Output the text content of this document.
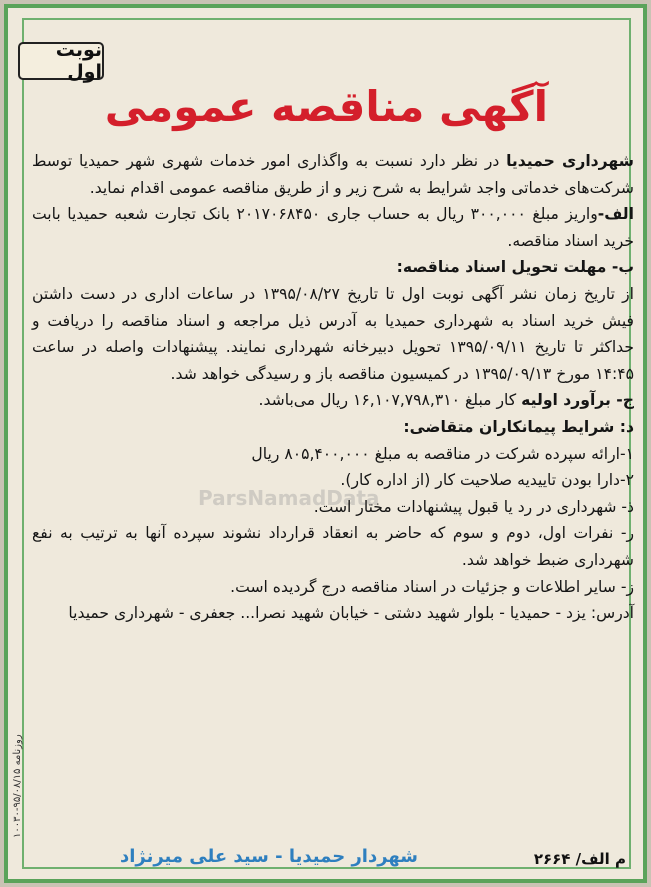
نوبت اول
آگهی مناقصه عمومی
ParsNamadData

شهرداری حمیدیا در نظر دارد نسبت به واگذاری امور خدمات شهری شهر حمیدیا توسط شرکت‌های خدماتی واجد شرایط به شرح زیر و از طریق مناقصه عمومی اقدام نماید.

الف-واریز مبلغ ۳۰۰,۰۰۰ ریال به حساب جاری ۲۰۱۷۰۶۸۴۵۰ بانک تجارت شعبه حمیدیا بابت خرید اسناد مناقصه.

ب- مهلت تحویل اسناد مناقصه:

از تاریخ زمان نشر آگهی نوبت اول تا تاریخ ۱۳۹۵/۰۸/۲۷ در ساعات اداری در دست داشتن فیش خرید اسناد به شهرداری حمیدیا به آدرس ذیل مراجعه و اسناد مناقصه را دریافت و حداکثر تا تاریخ ۱۳۹۵/۰۹/۱۱ تحویل دبیرخانه شهرداری نمایند. پیشنهادات واصله در ساعت ۱۴:۴۵ مورخ ۱۳۹۵/۰۹/۱۳ در کمیسیون مناقصه باز و رسیدگی خواهد شد.

ج- برآورد اولیه کار مبلغ ۱۶,۱۰۷,۷۹۸,۳۱۰ ریال می‌باشد.

د: شرایط پیمانکاران متقاضی:

۱-ارائه سپرده شرکت در مناقصه به مبلغ ۸۰۵,۴۰۰,۰۰۰ ریال

۲-دارا بودن تاییدیه صلاحیت کار (از اداره کار).

ذ- شهرداری در رد یا قبول پیشنهادات مختار است.

ر- نفرات اول، دوم و سوم که حاضر به انعقاد قرارداد نشوند سپرده آنها به ترتیب به نفع شهرداری ضبط خواهد شد.

ز- سایر اطلاعات و جزئیات در اسناد مناقصه درج گردیده است.

آدرس: یزد - حمیدیا - بلوار شهید دشتی - خیابان شهید نصرا... جعفری - شهرداری حمیدیا

روزنامه ۹۵/۰۸/۱۵-۱۰۰۳۰
شهردار حمیدیا - سید علی میرنژاد	م الف/ ۲۶۶۴
